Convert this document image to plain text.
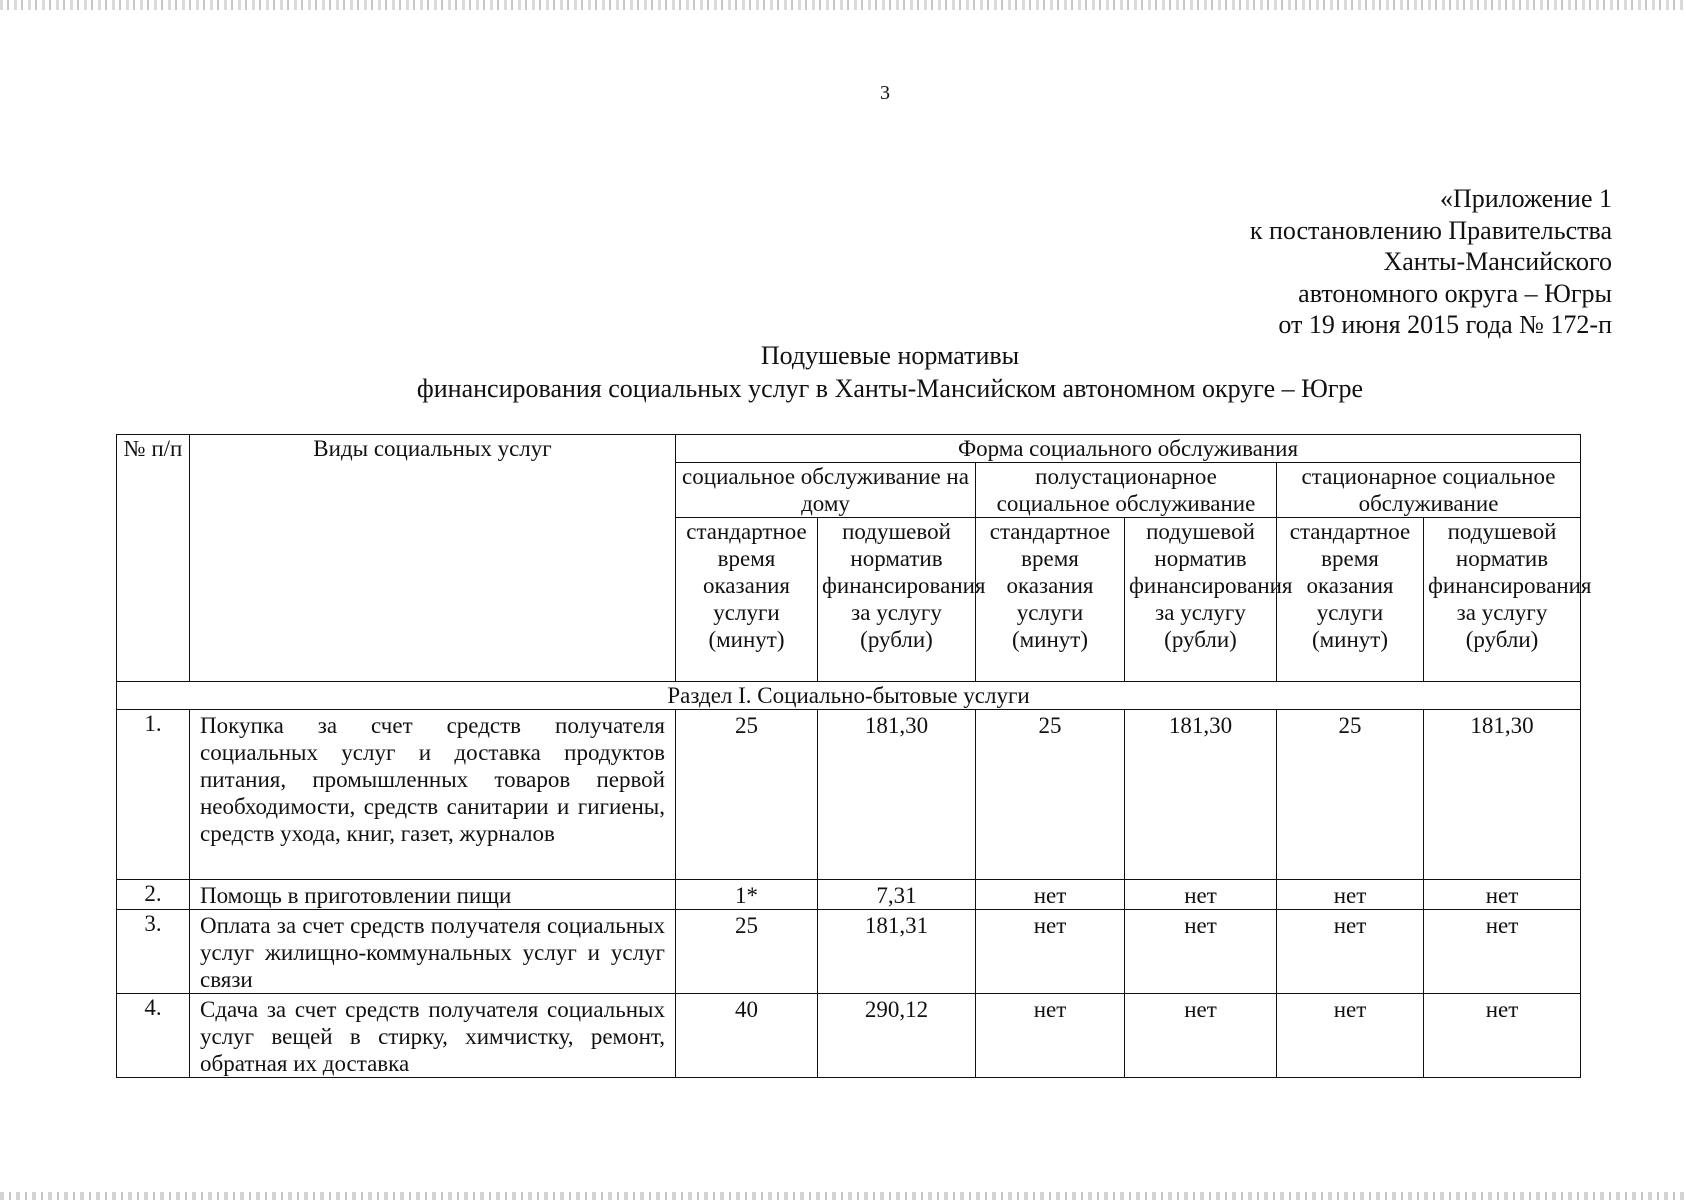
3
«Приложение 1
к постановлению Правительства
Ханты-Мансийского
автономного округа – Югры
от 19 июня 2015 года № 172-п
Подушевые нормативы
финансирования социальных услуг в Ханты-Мансийском автономном округе – Югре
№ п/п	Виды социальных услуг	Форма социального обслуживания					
		социальное обслуживание на дому		полустационарное социальное обслуживание		стационарное социальное обслуживание	
		стандартное время оказания услуги (минут)	подушевой норматив финансирования за услугу (рубли)	стандартное время оказания услуги (минут)	подушевой норматив финансирования за услугу (рубли)	стандартное время оказания услуги (минут)	подушевой норматив финансирования за услугу (рубли)
Раздел I. Социально-бытовые услуги							
1.	Покупка за счет средств получателя социальных услуг и доставка продуктов питания, промышленных товаров первой необходимости, средств санитарии и гигиены, средств ухода, книг, газет, журналов	25	181,30	25	181,30	25	181,30
2.	Помощь в приготовлении пищи	1*	7,31	нет	нет	нет	нет
3.	Оплата за счет средств получателя социальных услуг жилищно-коммунальных услуг и услуг связи	25	181,31	нет	нет	нет	нет
4.	Сдача за счет средств получателя социальных услуг вещей в стирку, химчистку, ремонт, обратная их доставка	40	290,12	нет	нет	нет	нет
